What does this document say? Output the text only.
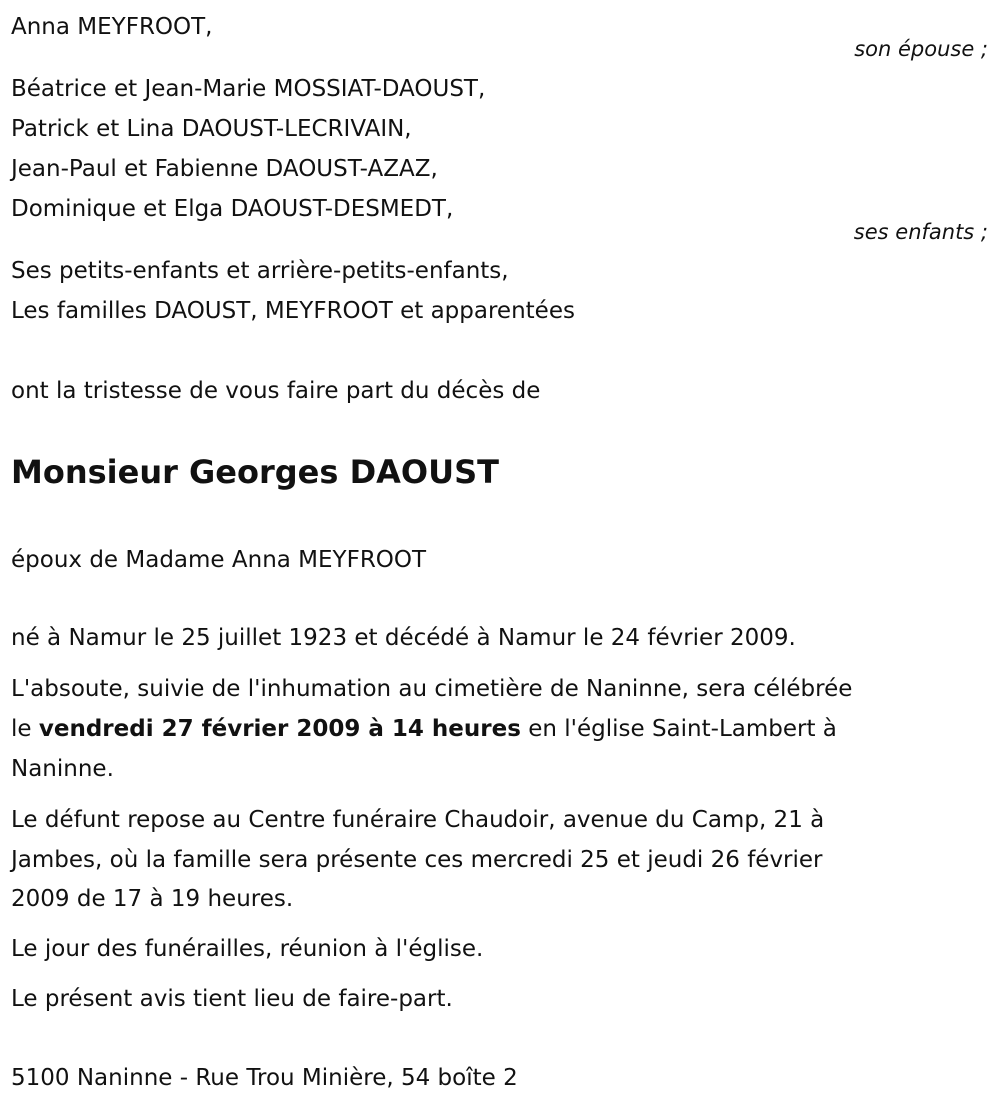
Anna MEYFROOT,
son épouse ;
Béatrice et Jean-Marie MOSSIAT-DAOUST,
Patrick et Lina DAOUST-LECRIVAIN,
Jean-Paul et Fabienne DAOUST-AZAZ,
Dominique et Elga DAOUST-DESMEDT,
ses enfants ;
Ses petits-enfants et arrière-petits-enfants,
Les familles DAOUST, MEYFROOT et apparentées
ont la tristesse de vous faire part du décès de
Monsieur Georges DAOUST
époux de Madame Anna MEYFROOT
né à Namur le 25 juillet 1923 et décédé à Namur le 24 février 2009.
L'absoute, suivie de l'inhumation au cimetière de Naninne, sera célébrée
le vendredi 27 février 2009 à 14 heures en l'église Saint-Lambert à
Naninne.
Le défunt repose au Centre funéraire Chaudoir, avenue du Camp, 21 à
Jambes, où la famille sera présente ces mercredi 25 et jeudi 26 février
2009 de 17 à 19 heures.
Le jour des funérailles, réunion à l'église.
Le présent avis tient lieu de faire-part.
5100 Naninne - Rue Trou Minière, 54 boîte 2
